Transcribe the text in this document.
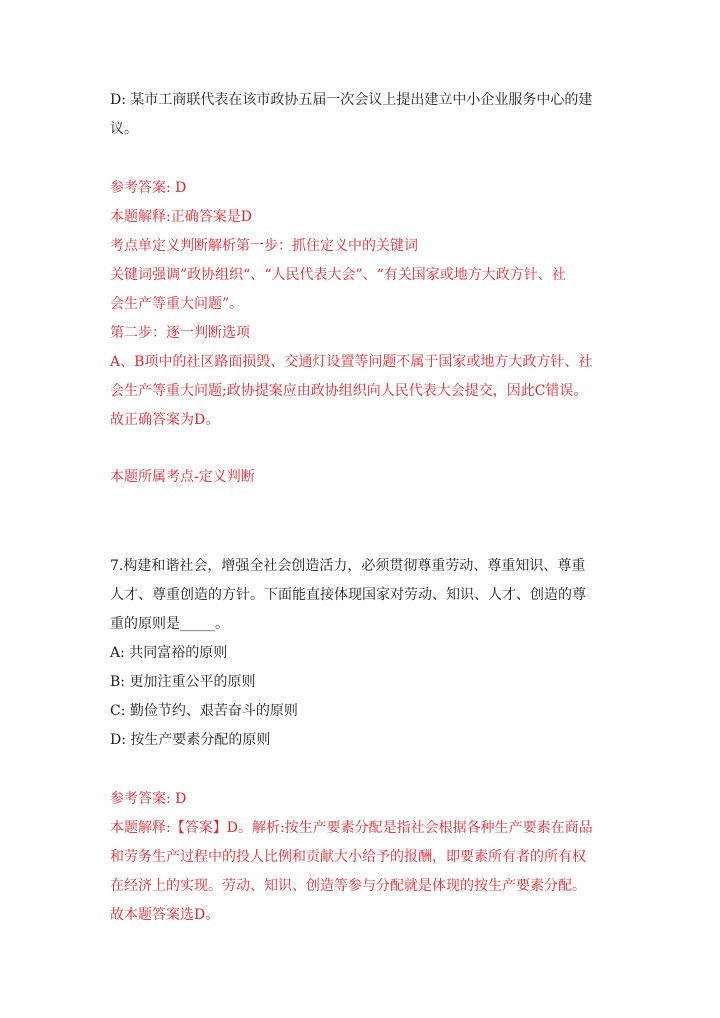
D: 某市工商联代表在该市政协五届一次会议上提出建立中小企业服务中心的建
议。
参考答案: D
本题解释:正确答案是D
考点单定义判断解析第一步：抓住定义中的关键词
关键词强调”政协组织“、“人民代表大会”、“有关国家或地方大政方针、社
会生产等重大问题”。
第二步：逐一判断选项
A、B项中的社区路面损毁、交通灯设置等问题不属于国家或地方大政方针、社
会生产等重大问题;政协提案应由政协组织向人民代表大会提交，因此C错误。
故正确答案为D。
本题所属考点-定义判断
7.构建和谐社会，增强全社会创造活力，必须贯彻尊重劳动、尊重知识、尊重
人才、尊重创造的方针。下面能直接体现国家对劳动、知识、人才、创造的尊
重的原则是_____。
A: 共同富裕的原则
B: 更加注重公平的原则
C: 勤俭节约、艰苦奋斗的原则
D: 按生产要素分配的原则
参考答案: D
本题解释:【答案】D。解析:按生产要素分配是指社会根据各种生产要素在商品
和劳务生产过程中的投人比例和贡献大小给予的报酬，即要素所有者的所有权
在经济上的实现。劳动、知识、创造等参与分配就是体现的按生产要素分配。
故本题答案选D。
